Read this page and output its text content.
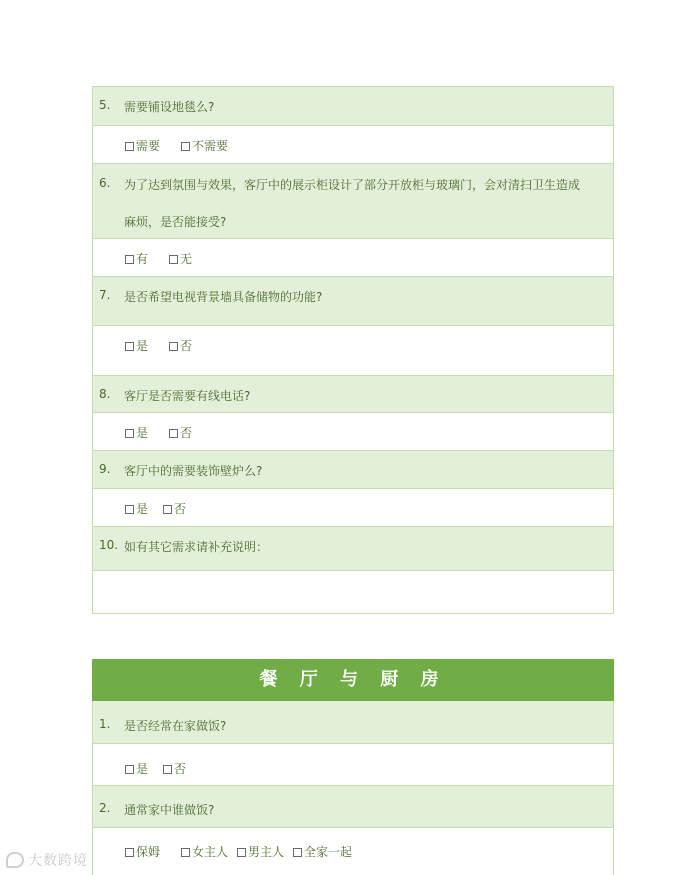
5. 需要铺设地毯么?
需要	不需要
6. 为了达到氛围与效果，客厅中的展示柜设计了部分开放柜与玻璃门，会对清扫卫生造成
麻烦，是否能接受?
有	无
7. 是否希望电视背景墙具备储物的功能?
是	否
8. 客厅是否需要有线电话?
是	否
9. 客厅中的需要装饰壁炉么?
是	否
10. 如有其它需求请补充说明：
餐 厅 与 厨 房
1. 是否经常在家做饭?
是	否
2. 通常家中谁做饭?
保姆	女主人	男主人	全家一起
大数跨境
